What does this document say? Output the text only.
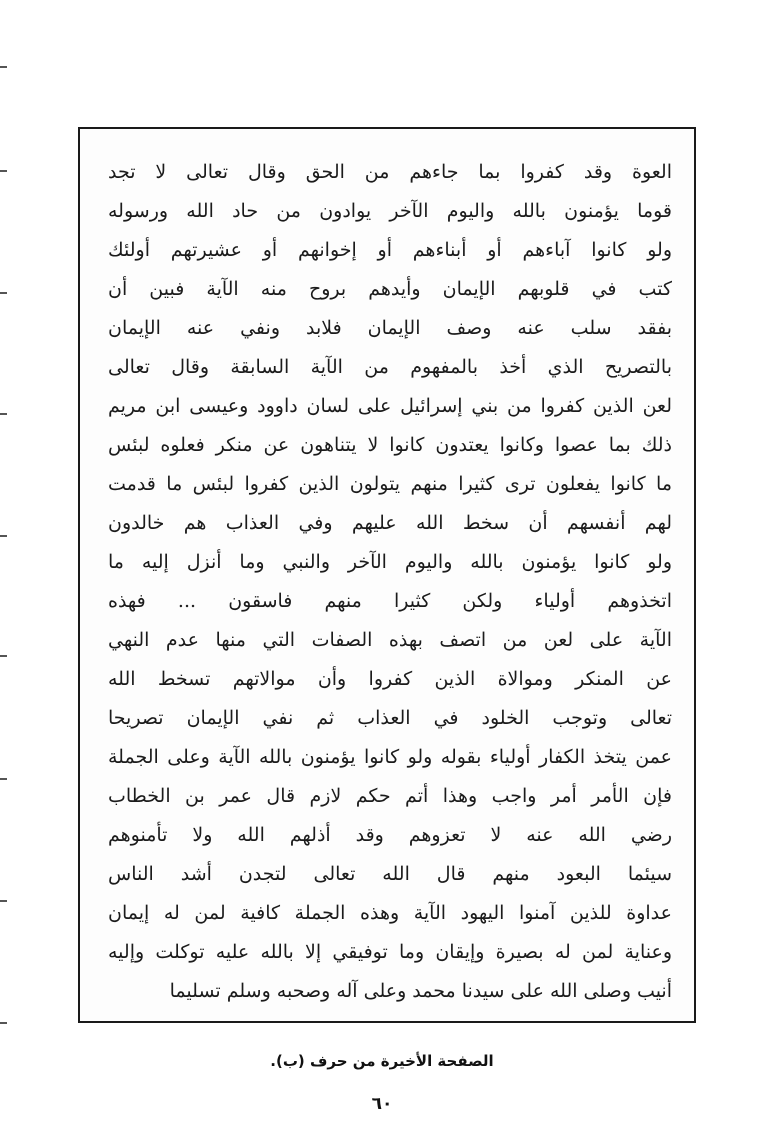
العوة وقد كفروا بما جاءهم من الحق وقال تعالى لا تجد

قوما يؤمنون بالله واليوم الآخر يوادون من حاد الله ورسوله

ولو كانوا آباءهم أو أبناءهم أو إخوانهم أو عشيرتهم أولئك

كتب في قلوبهم الإيمان وأيدهم بروح منه الآية فبين أن

بفقد سلب عنه وصف الإيمان فلابد ونفي عنه الإيمان

بالتصريح الذي أخذ بالمفهوم من الآية السابقة وقال تعالى

لعن الذين كفروا من بني إسرائيل على لسان داوود وعيسى ابن مريم

ذلك بما عصوا وكانوا يعتدون كانوا لا يتناهون عن منكر فعلوه لبئس

ما كانوا يفعلون ترى كثيرا منهم يتولون الذين كفروا لبئس ما قدمت

لهم أنفسهم أن سخط الله عليهم وفي العذاب هم خالدون

ولو كانوا يؤمنون بالله واليوم الآخر والنبي وما أنزل إليه ما

اتخذوهم أولياء ولكن كثيرا منهم فاسقون ... فهذه

الآية على لعن من اتصف بهذه الصفات التي منها عدم النهي

عن المنكر وموالاة الذين كفروا وأن موالاتهم تسخط الله

تعالى وتوجب الخلود في العذاب ثم نفي الإيمان تصريحا

عمن يتخذ الكفار أولياء بقوله ولو كانوا يؤمنون بالله الآية وعلى الجملة

فإن الأمر أمر واجب وهذا أتم حكم لازم قال عمر بن الخطاب

رضي الله عنه لا تعزوهم وقد أذلهم الله ولا تأمنوهم

سيئما البعود منهم قال الله تعالى لتجدن أشد الناس

عداوة للذين آمنوا اليهود الآية وهذه الجملة كافية لمن له إيمان

وعناية لمن له بصيرة وإيقان وما توفيقي إلا بالله عليه توكلت وإليه

أنيب وصلى الله على سيدنا محمد وعلى آله وصحبه وسلم تسليما

الصفحة الأخيرة من حرف (ب).
٦٠
